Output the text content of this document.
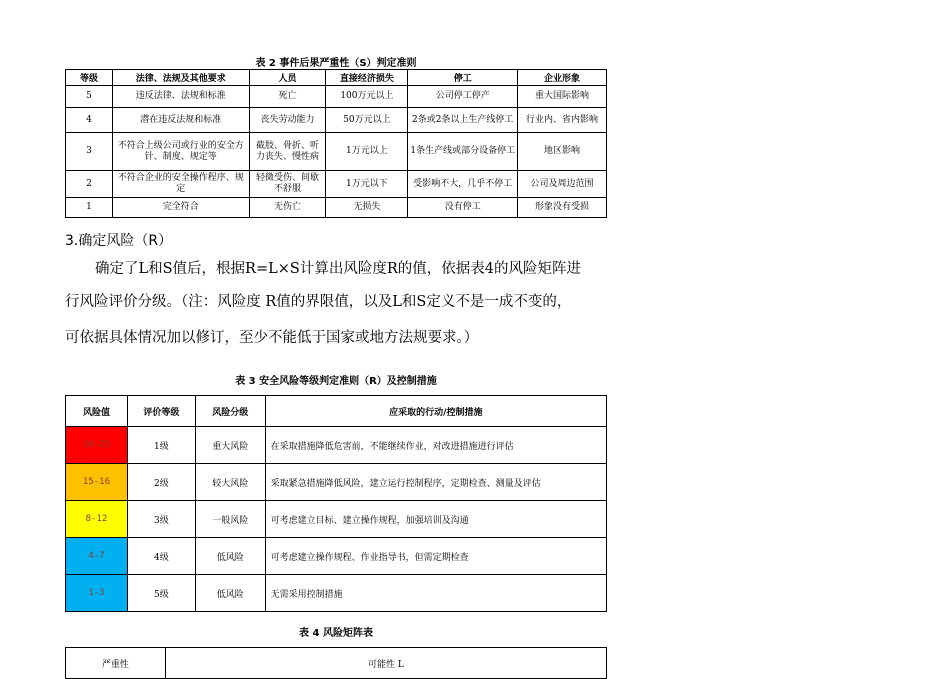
表 2 事件后果严重性（S）判定准则
等级	法律、法规及其他要求	人员	直接经济损失	停工	企业形象
5	违反法律、法规和标准	死亡	100万元以上	公司停工停产	重大国际影响
4	潜在违反法规和标准	丧失劳动能力	50万元以上	2条或2条以上生产线停工	行业内、省内影响
3	不符合上级公司或行业的安全方针、制度、规定等	截肢、骨折、听力丧失、慢性病	1万元以上	1条生产线或部分设备停工	地区影响
2	不符合企业的安全操作程序、规定	轻微受伤、间歇不舒服	1万元以下	受影响不大，几乎不停工	公司及周边范围
1	完全符合	无伤亡	无损失	没有停工	形象没有受损
3.确定风险（R）
确定了L和S值后，根据R=L×S计算出风险度R的值，依据表4的风险矩阵进
行风险评价分级。（注：风险度 R值的界限值，以及L和S定义不是一成不变的，
可依据具体情况加以修订，至少不能低于国家或地方法规要求。）
表 3 安全风险等级判定准则（R）及控制措施
风险值	评价等级	风险分级	应采取的行动/控制措施
20-25	1级	重大风险	在采取措施降低危害前，不能继续作业，对改进措施进行评估
15-16	2级	较大风险	采取紧急措施降低风险，建立运行控制程序，定期检查、测量及评估
8-12	3级	一般风险	可考虑建立目标、建立操作规程，加强培训及沟通
4-7	4级	低风险	可考虑建立操作规程、作业指导书，但需定期检查
1-3	5级	低风险	无需采用控制措施
表 4 风险矩阵表
严重性	可能性 L
